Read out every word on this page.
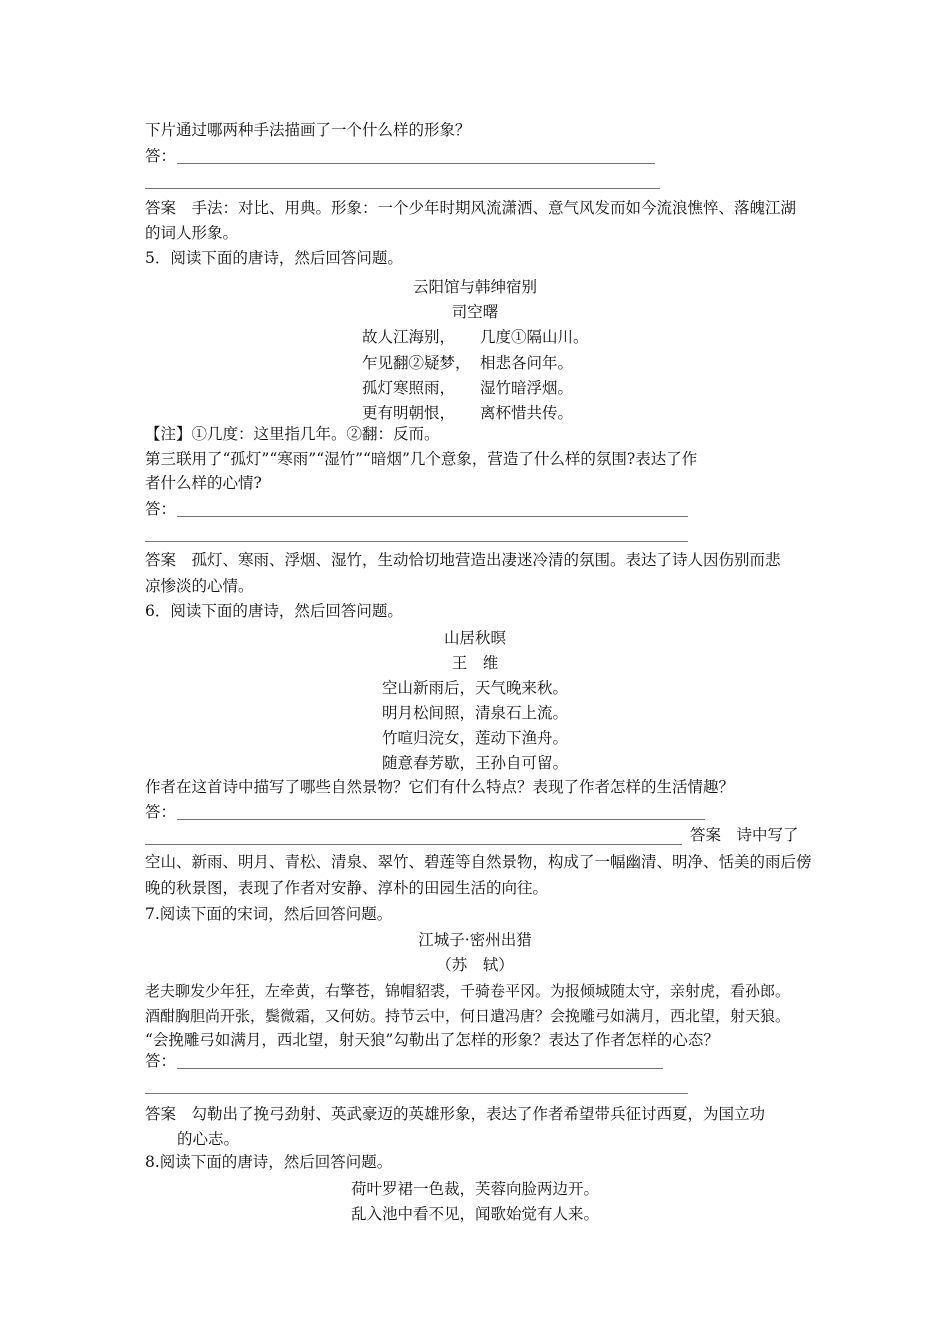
下片通过哪两种手法描画了一个什么样的形象？
答：
答案　手法：对比、用典。形象：一个少年时期风流潇洒、意气风发而如今流浪憔悴、落魄江湖
的词人形象。
5．阅读下面的唐诗，然后回答问题。
云阳馆与韩绅宿别
司空曙
故人江海别， 几度①隔山川。
乍见翻②疑梦， 相悲各问年。
孤灯寒照雨， 湿竹暗浮烟。
更有明朝恨， 离杯惜共传。
【注】①几度：这里指几年。②翻：反而。
第三联用了“孤灯”“寒雨”“湿竹”“暗烟”几个意象，营造了什么样的氛围?表达了作
者什么样的心情?
答：
答案　孤灯、寒雨、浮烟、湿竹，生动恰切地营造出凄迷冷清的氛围。表达了诗人因伤别而悲
凉惨淡的心情。
6．阅读下面的唐诗，然后回答问题。
山居秋暝
王　维
空山新雨后，天气晚来秋。
明月松间照，清泉石上流。
竹喧归浣女，莲动下渔舟。
随意春芳歇，王孙自可留。
作者在这首诗中描写了哪些自然景物？它们有什么特点？表现了作者怎样的生活情趣？
答：
答案　诗中写了
空山、新雨、明月、青松、清泉、翠竹、碧莲等自然景物，构成了一幅幽清、明净、恬美的雨后傍
晚的秋景图，表现了作者对安静、淳朴的田园生活的向往。
7.阅读下面的宋词，然后回答问题。
江城子·密州出猎
（苏　轼）
老夫聊发少年狂，左牵黄，右擎苍，锦帽貂裘，千骑卷平冈。为报倾城随太守，亲射虎，看孙郎。
酒酣胸胆尚开张，鬓微霜，又何妨。持节云中，何日遣冯唐？会挽雕弓如满月，西北望，射天狼。
“会挽雕弓如满月，西北望，射天狼”勾勒出了怎样的形象？表达了作者怎样的心态？
答：
答案　勾勒出了挽弓劲射、英武豪迈的英雄形象，表达了作者希望带兵征讨西夏，为国立功
的心志。
8.阅读下面的唐诗，然后回答问题。
荷叶罗裙一色裁，芙蓉向脸两边开。
乱入池中看不见，闻歌始觉有人来。
